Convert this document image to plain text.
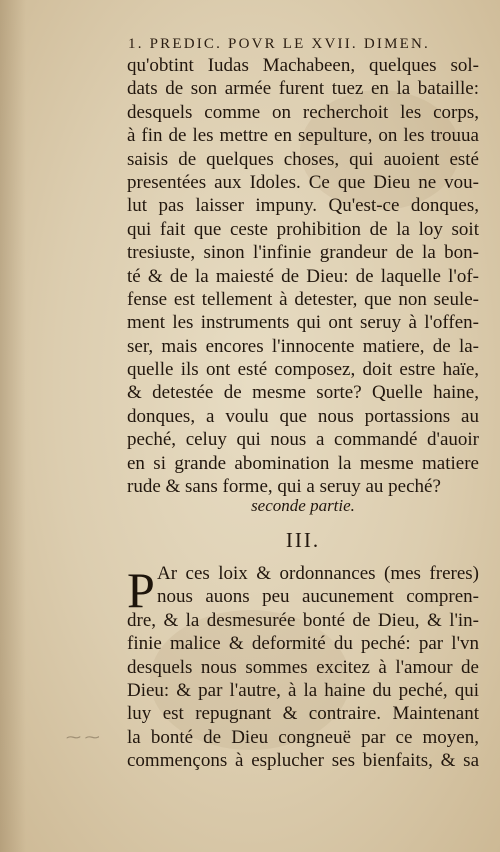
1. PREDIC. POVR LE XVII. DIMEN.
qu'obtint Iudas Machabeen, quelques sol-
dats de son armée furent tuez en la bataille:
desquels comme on recherchoit les corps,
à fin de les mettre en sepulture, on les trouua
saisis de quelques choses, qui auoient esté
presentées aux Idoles. Ce que Dieu ne vou-
lut pas laisser impuny. Qu'est-ce donques,
qui fait que ceste prohibition de la loy soit
tresiuste, sinon l'infinie grandeur de la bon-
té & de la maiesté de Dieu: de laquelle l'of-
fense est tellement à detester, que non seule-
ment les instruments qui ont seruy à l'offen-
ser, mais encores l'innocente matiere, de la-
quelle ils ont esté composez, doit estre haïe,
& detestée de mesme sorte? Quelle haine,
donques, a voulu que nous portassions au
peché, celuy qui nous a commandé d'auoir
en si grande abomination la mesme matiere
rude & sans forme, qui a seruy au peché?
seconde partie.
III.
P Ar ces loix & ordonnances (mes freres)
nous auons peu aucunement compren-
dre, & la desmesurée bonté de Dieu, & l'in-
finie malice & deformité du peché: par l'vn
desquels nous sommes excitez à l'amour de
Dieu: & par l'autre, à la haine du peché, qui
luy est repugnant & contraire. Maintenant
la bonté de Dieu congneuë par ce moyen,
commençons à esplucher ses bienfaits, & sa
⁓ ⁓
